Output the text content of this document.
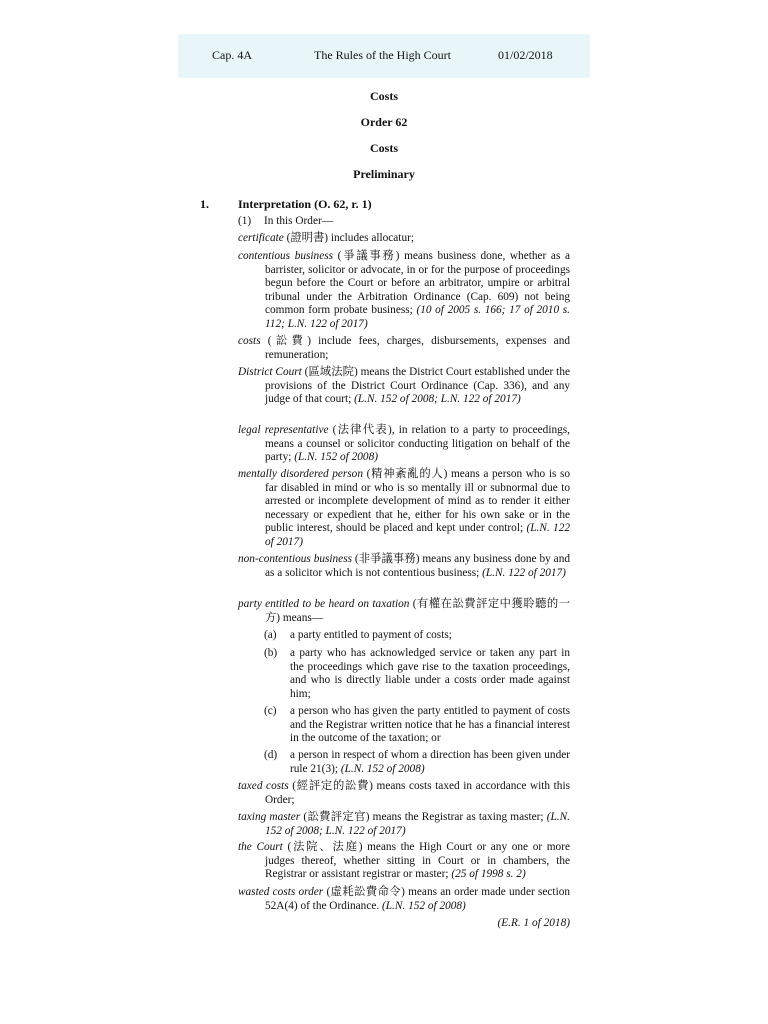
Cap. 4A	The Rules of the High Court	01/02/2018
Costs
Order 62
Costs
Preliminary
1. Interpretation (O. 62, r. 1)
(1) In this Order—
certificate (證明書) includes allocatur;
contentious business (爭議事務) means business done, whether as a barrister, solicitor or advocate, in or for the purpose of proceedings begun before the Court or before an arbitrator, umpire or arbitral tribunal under the Arbitration Ordinance (Cap. 609) not being common form probate business; (10 of 2005 s. 166; 17 of 2010 s. 112; L.N. 122 of 2017)
costs (訟費) include fees, charges, disbursements, expenses and remuneration;
District Court (區域法院) means the District Court established under the provisions of the District Court Ordinance (Cap. 336), and any judge of that court; (L.N. 152 of 2008; L.N. 122 of 2017)
legal representative (法律代表), in relation to a party to proceedings, means a counsel or solicitor conducting litigation on behalf of the party; (L.N. 152 of 2008)
mentally disordered person (精神紊亂的人) means a person who is so far disabled in mind or who is so mentally ill or subnormal due to arrested or incomplete development of mind as to render it either necessary or expedient that he, either for his own sake or in the public interest, should be placed and kept under control; (L.N. 122 of 2017)
non-contentious business (非爭議事務) means any business done by and as a solicitor which is not contentious business; (L.N. 122 of 2017)
party entitled to be heard on taxation (有權在訟費評定中獲聆聽的一方) means—
(a) a party entitled to payment of costs;
(b) a party who has acknowledged service or taken any part in the proceedings which gave rise to the taxation proceedings, and who is directly liable under a costs order made against him;
(c) a person who has given the party entitled to payment of costs and the Registrar written notice that he has a financial interest in the outcome of the taxation; or
(d) a person in respect of whom a direction has been given under rule 21(3); (L.N. 152 of 2008)
taxed costs (經評定的訟費) means costs taxed in accordance with this Order;
taxing master (訟費評定官) means the Registrar as taxing master; (L.N. 152 of 2008; L.N. 122 of 2017)
the Court (法院、法庭) means the High Court or any one or more judges thereof, whether sitting in Court or in chambers, the Registrar or assistant registrar or master; (25 of 1998 s. 2)
wasted costs order (虛耗訟費命令) means an order made under section 52A(4) of the Ordinance. (L.N. 152 of 2008)
(E.R. 1 of 2018)
